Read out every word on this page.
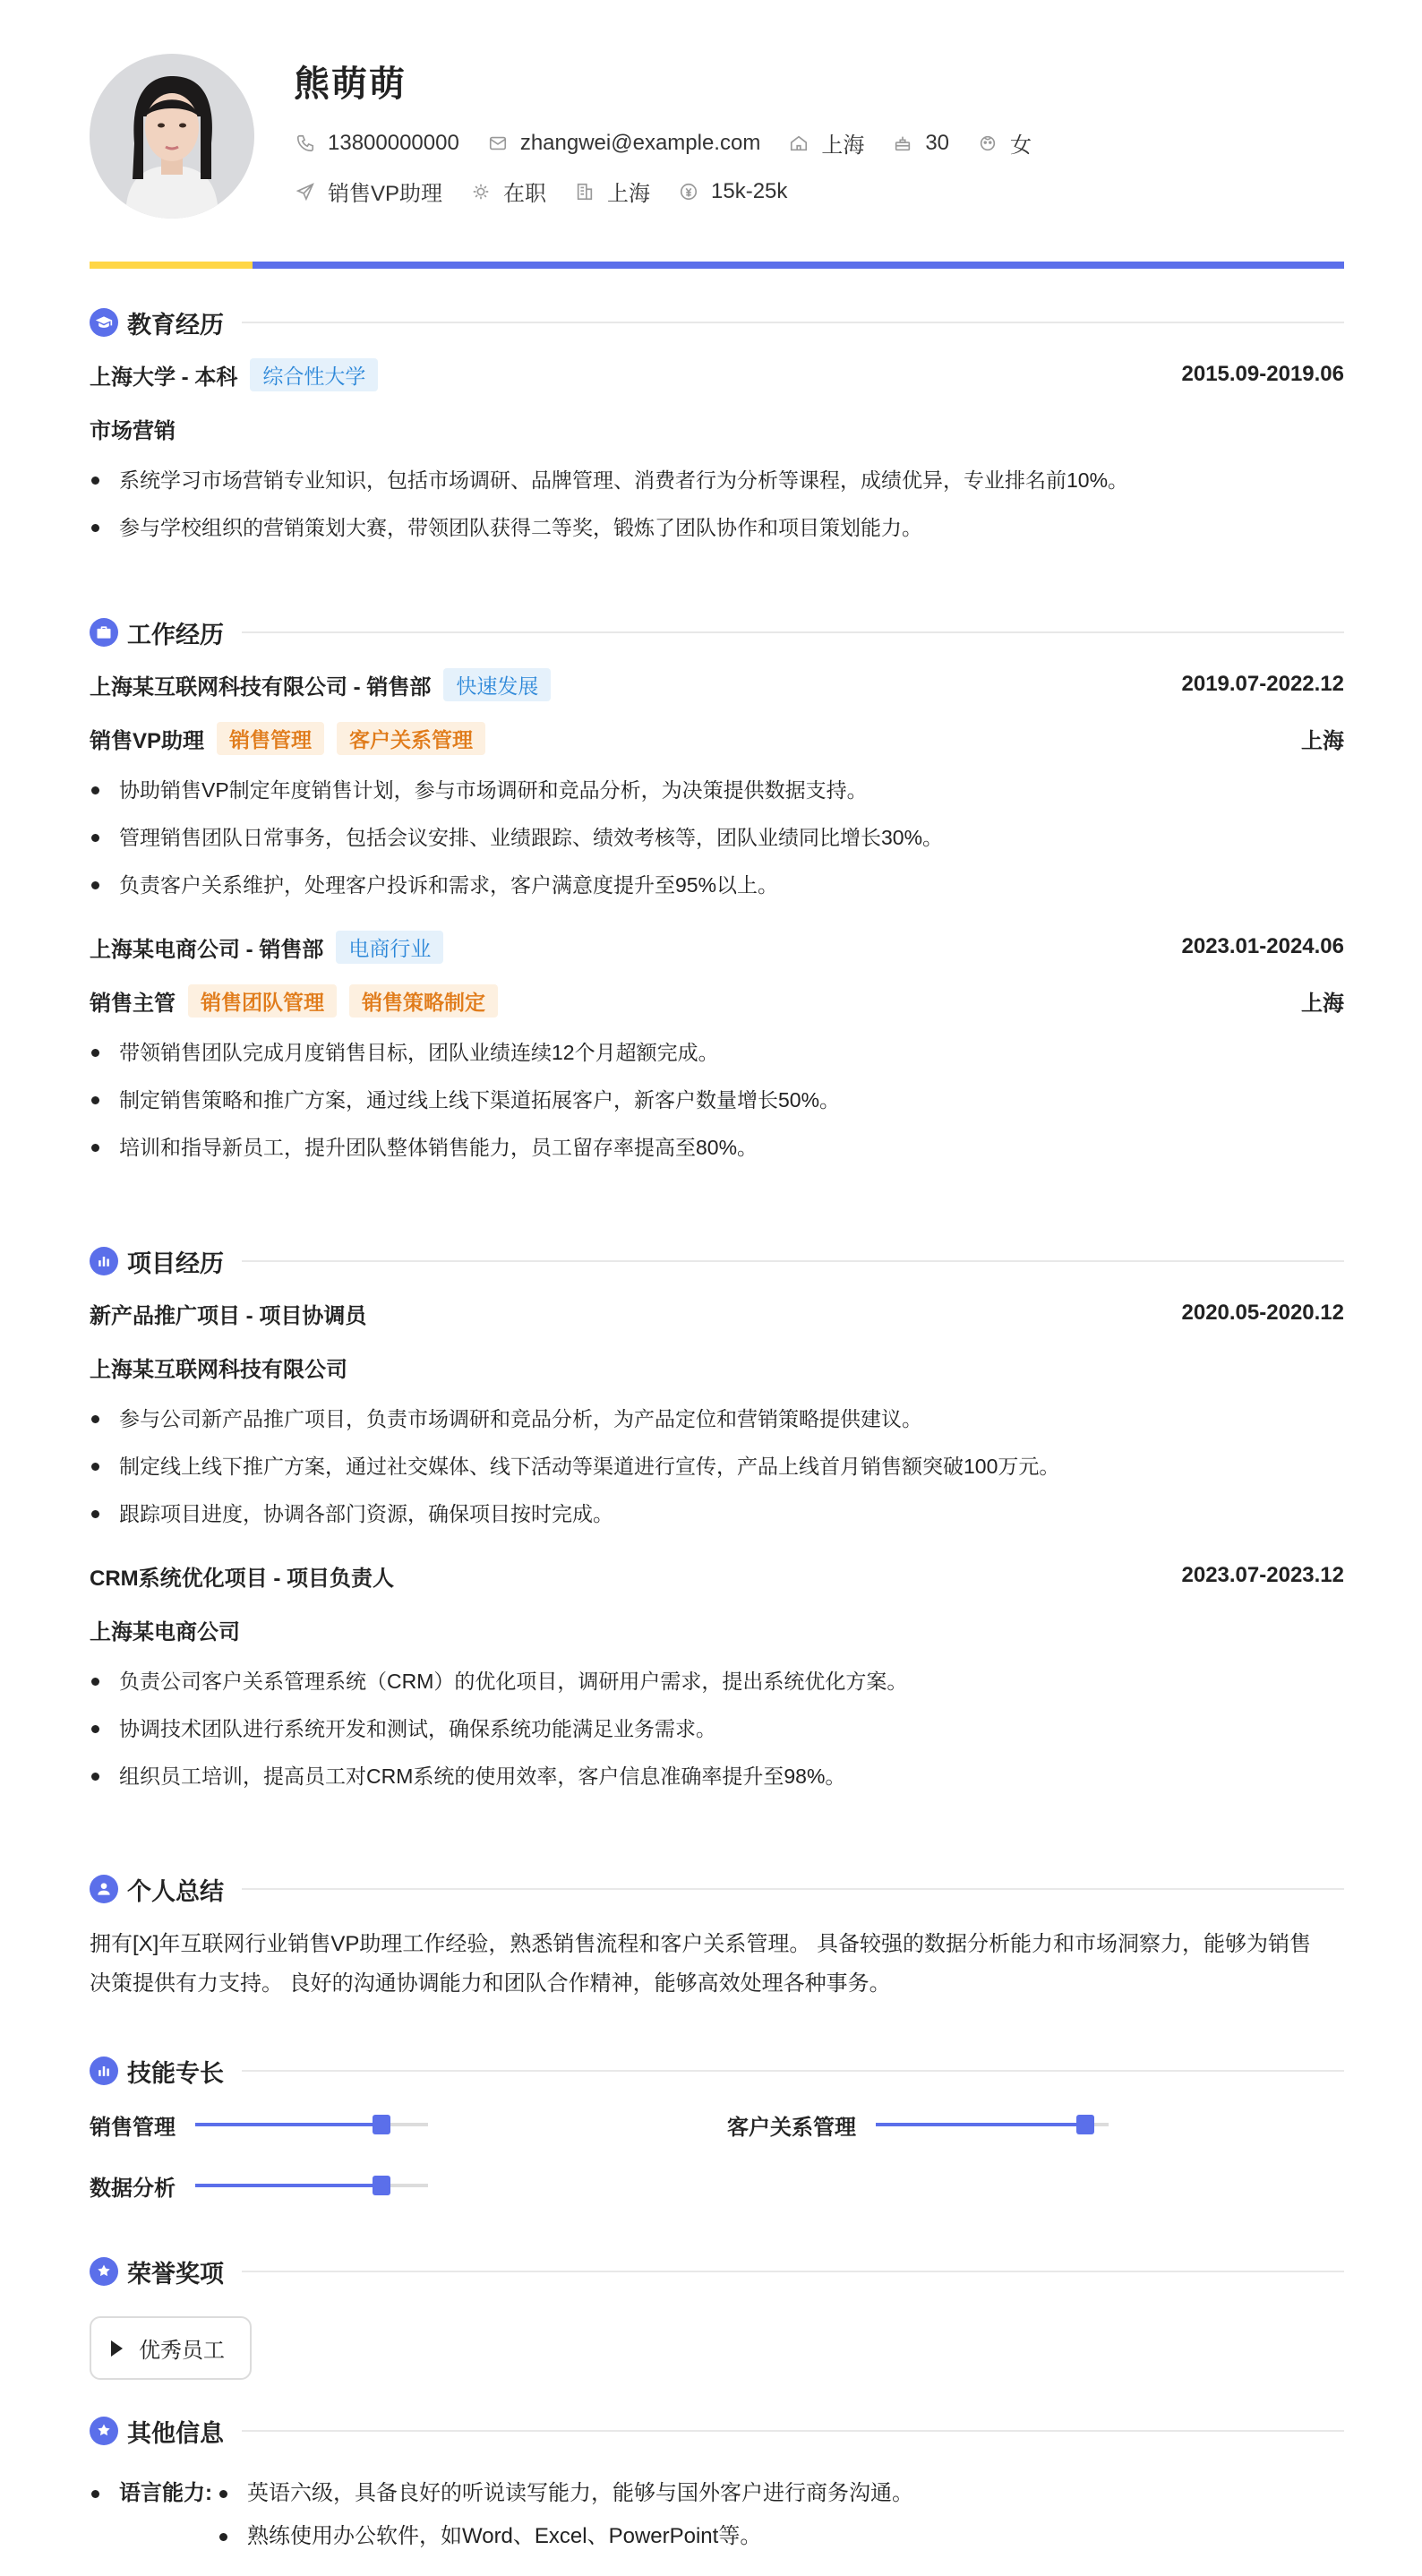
熊萌萌
13800000000	zhangwei@example.com	上海	30	女
销售VP助理	在职	上海	15k-25k
教育经历
上海大学 - 本科	综合性大学	2015.09-2019.06
市场营销
系统学习市场营销专业知识，包括市场调研、品牌管理、消费者行为分析等课程，成绩优异，专业排名前10%。
参与学校组织的营销策划大赛，带领团队获得二等奖，锻炼了团队协作和项目策划能力。
工作经历
上海某互联网科技有限公司 - 销售部	快速发展	2019.07-2022.12
销售VP助理	销售管理	客户关系管理	上海
协助销售VP制定年度销售计划，参与市场调研和竞品分析，为决策提供数据支持。
管理销售团队日常事务，包括会议安排、业绩跟踪、绩效考核等，团队业绩同比增长30%。
负责客户关系维护，处理客户投诉和需求，客户满意度提升至95%以上。
上海某电商公司 - 销售部	电商行业	2023.01-2024.06
销售主管	销售团队管理	销售策略制定	上海
带领销售团队完成月度销售目标，团队业绩连续12个月超额完成。
制定销售策略和推广方案，通过线上线下渠道拓展客户，新客户数量增长50%。
培训和指导新员工，提升团队整体销售能力，员工留存率提高至80%。
项目经历
新产品推广项目 - 项目协调员	2020.05-2020.12
上海某互联网科技有限公司
参与公司新产品推广项目，负责市场调研和竞品分析，为产品定位和营销策略提供建议。
制定线上线下推广方案，通过社交媒体、线下活动等渠道进行宣传，产品上线首月销售额突破100万元。
跟踪项目进度，协调各部门资源，确保项目按时完成。
CRM系统优化项目 - 项目负责人	2023.07-2023.12
上海某电商公司
负责公司客户关系管理系统（CRM）的优化项目，调研用户需求，提出系统优化方案。
协调技术团队进行系统开发和测试，确保系统功能满足业务需求。
组织员工培训，提高员工对CRM系统的使用效率，客户信息准确率提升至98%。
个人总结
拥有[X]年互联网行业销售VP助理工作经验，熟悉销售流程和客户关系管理。 具备较强的数据分析能力和市场洞察力，能够为销售
决策提供有力支持。 良好的沟通协调能力和团队合作精神，能够高效处理各种事务。
技能专长
销售管理	客户关系管理
数据分析
荣誉奖项
优秀员工
其他信息
语言能力:	英语六级，具备良好的听说读写能力，能够与国外客户进行商务沟通。
熟练使用办公软件，如Word、Excel、PowerPoint等。
